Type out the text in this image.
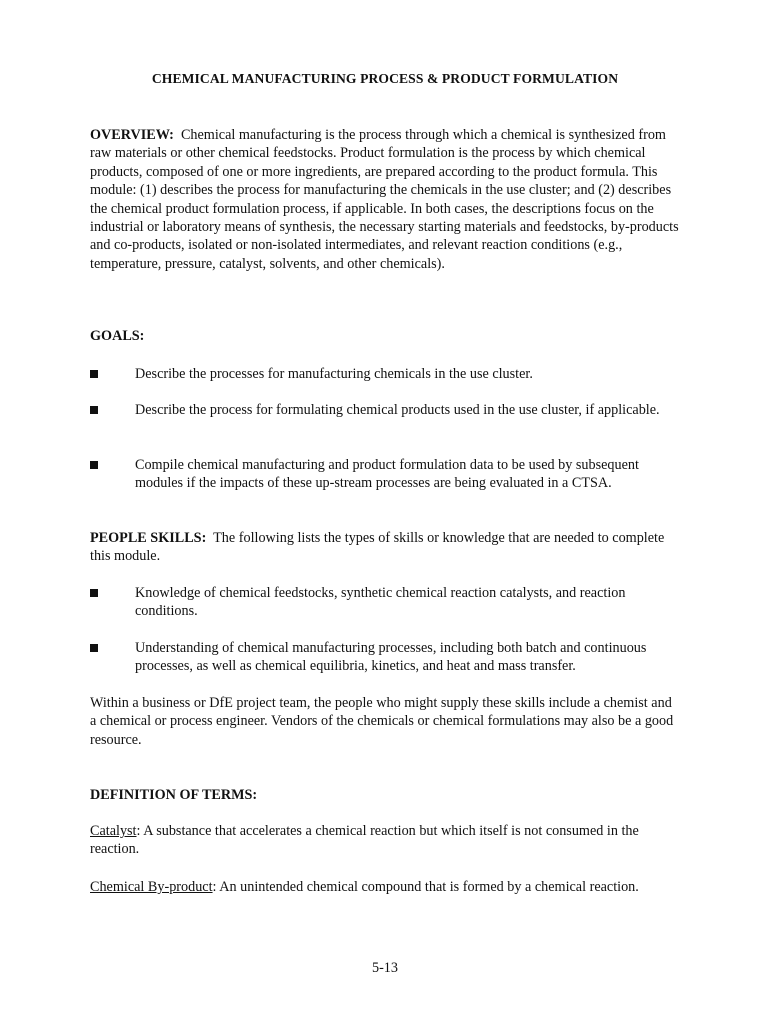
CHEMICAL MANUFACTURING PROCESS & PRODUCT FORMULATION

OVERVIEW: Chemical manufacturing is the process through which a chemical is synthesized from raw materials or other chemical feedstocks. Product formulation is the process by which chemical products, composed of one or more ingredients, are prepared according to the product formula. This module: (1) describes the process for manufacturing the chemicals in the use cluster; and (2) describes the chemical product formulation process, if applicable. In both cases, the descriptions focus on the industrial or laboratory means of synthesis, the necessary starting materials and feedstocks, by-products and co-products, isolated or non-isolated intermediates, and relevant reaction conditions (e.g., temperature, pressure, catalyst, solvents, and other chemicals).

GOALS:

Describe the processes for manufacturing chemicals in the use cluster.
Describe the process for formulating chemical products used in the use cluster, if applicable.
Compile chemical manufacturing and product formulation data to be used by subsequent modules if the impacts of these up-stream processes are being evaluated in a CTSA.

PEOPLE SKILLS: The following lists the types of skills or knowledge that are needed to complete this module.

Knowledge of chemical feedstocks, synthetic chemical reaction catalysts, and reaction conditions.
Understanding of chemical manufacturing processes, including both batch and continuous processes, as well as chemical equilibria, kinetics, and heat and mass transfer.

Within a business or DfE project team, the people who might supply these skills include a chemist and a chemical or process engineer. Vendors of the chemicals or chemical formulations may also be a good resource.

DEFINITION OF TERMS:

Catalyst: A substance that accelerates a chemical reaction but which itself is not consumed in the reaction.

Chemical By-product: An unintended chemical compound that is formed by a chemical reaction.

5-13
